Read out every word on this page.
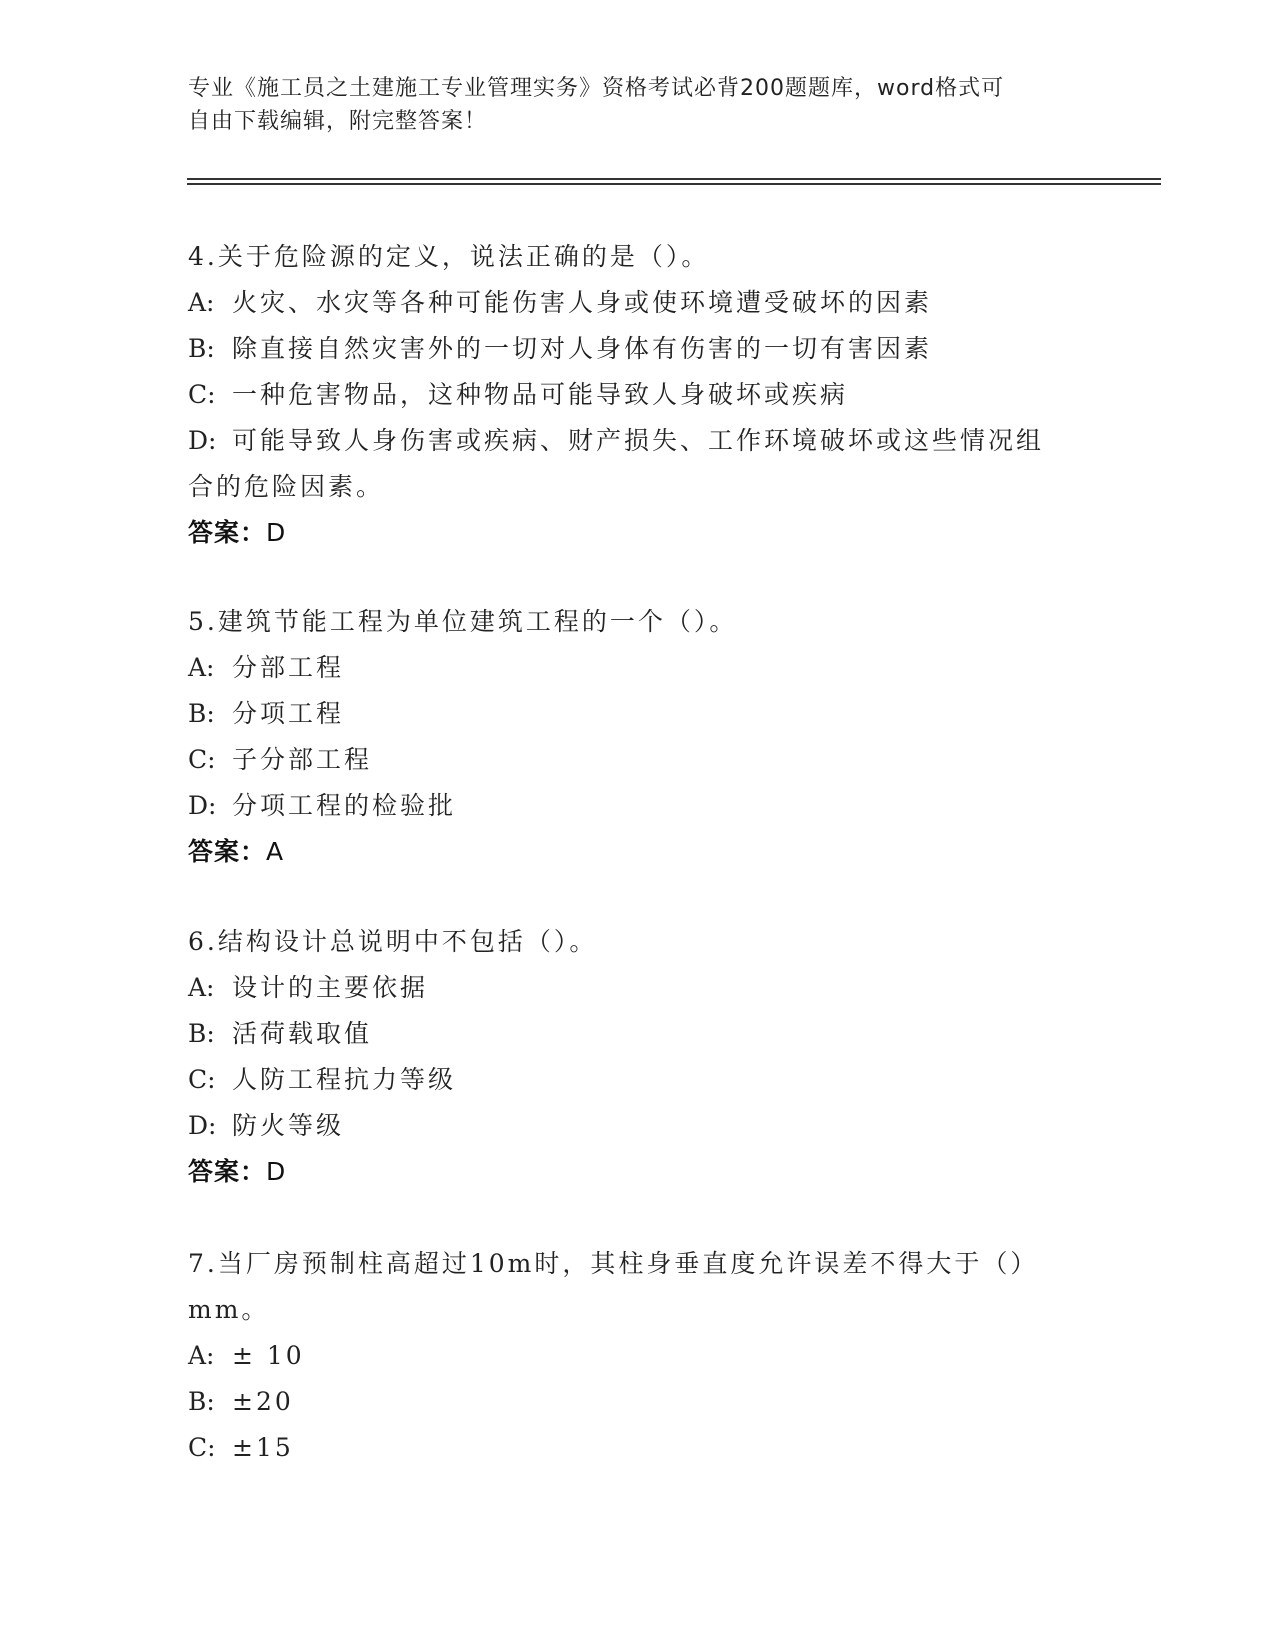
专业《施工员之土建施工专业管理实务》资格考试必背200题题库，word格式可
自由下载编辑，附完整答案！
4.关于危险源的定义，说法正确的是（）。
A: 火灾、水灾等各种可能伤害人身或使环境遭受破坏的因素
B: 除直接自然灾害外的一切对人身体有伤害的一切有害因素
C: 一种危害物品，这种物品可能导致人身破坏或疾病
D: 可能导致人身伤害或疾病、财产损失、工作环境破坏或这些情况组
合的危险因素。
答案：D
5.建筑节能工程为单位建筑工程的一个（）。
A: 分部工程
B: 分项工程
C: 子分部工程
D: 分项工程的检验批
答案：A
6.结构设计总说明中不包括（）。
A: 设计的主要依据
B: 活荷载取值
C: 人防工程抗力等级
D: 防火等级
答案：D
7.当厂房预制柱高超过10m时，其柱身垂直度允许误差不得大于（）
mm。
A: ± 10
B: ±20
C: ±15
